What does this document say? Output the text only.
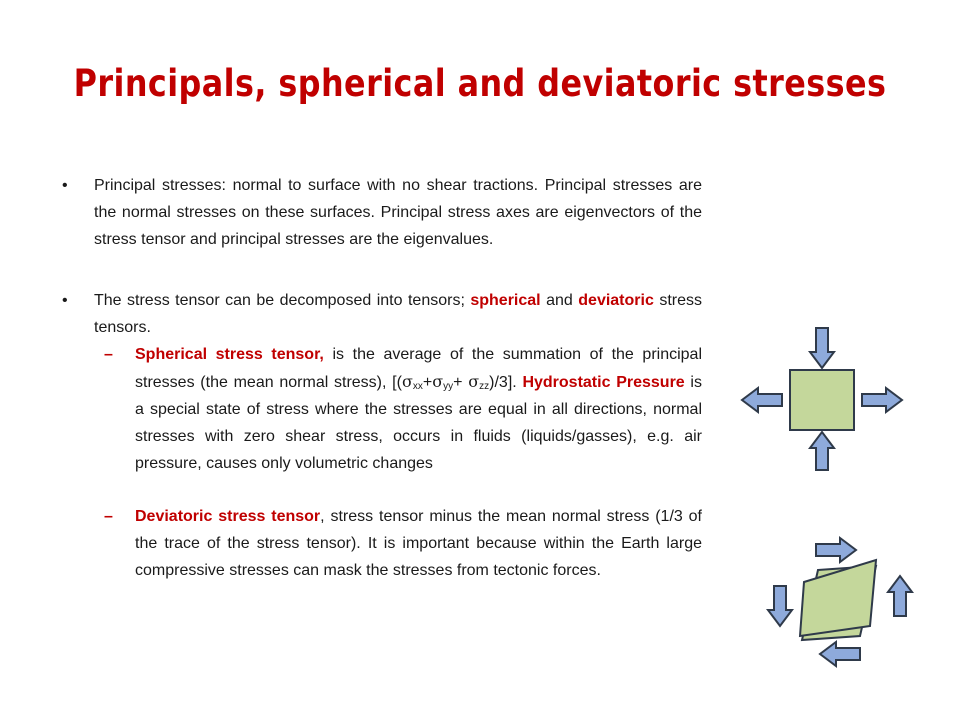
Principals, spherical and deviatoric stresses
• Principal stresses: normal to surface with no shear tractions. Principal stresses are the normal stresses on these surfaces. Principal stress axes are eigenvectors of the stress tensor and principal stresses are the eigenvalues.
• The stress tensor can be decomposed into tensors; spherical and deviatoric stress tensors.
– Spherical stress tensor, is the average of the summation of the principal stresses (the mean normal stress), $[(\sigma_{xx}+\sigma_{yy}+ \sigma_{zz})/3]$. Hydrostatic Pressure is a special state of stress where the stresses are equal in all directions, normal stresses with zero shear stress, occurs in fluids (liquids/gasses), e.g. air pressure, causes only volumetric changes
– Deviatoric stress tensor, stress tensor minus the mean normal stress (1/3 of the trace of the stress tensor). It is important because within the Earth large compressive stresses can mask the stresses from tectonic forces.
